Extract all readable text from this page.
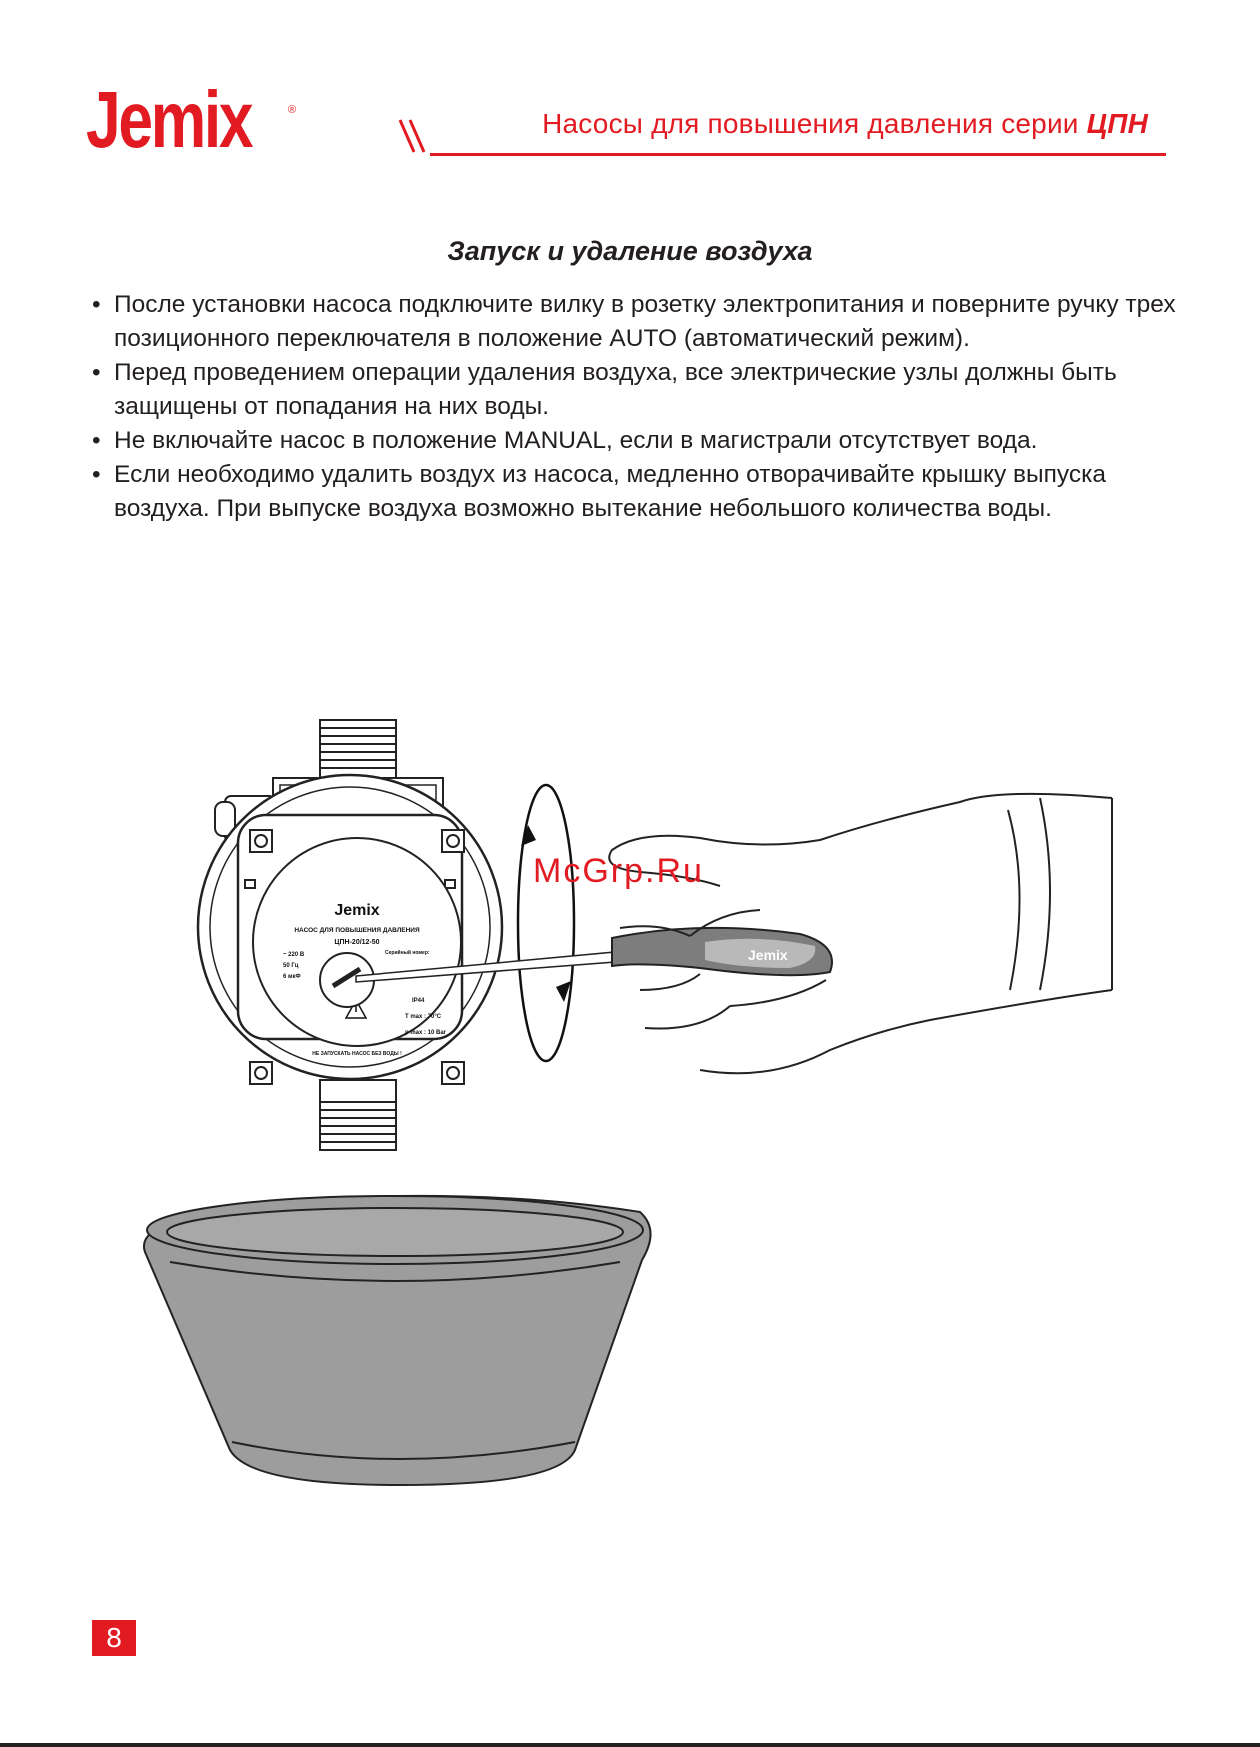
Jemix	®	Насосы для повышения давления серии ЦПН
Запуск и удаление воздуха
• После установки насоса подключите вилку в розетку электропитания и поверните ручку трех позиционного переключателя в положение AUTO (автоматический режим).
• Перед проведением операции удаления воздуха, все электрические узлы должны быть защищены от попадания на них воды.
• Не включайте насос в положение MANUAL, если в магистрали отсутствует вода.
• Если необходимо удалить воздух из насоса, медленно отворачивайте крышку выпуска воздуха. При выпуске воздуха возможно вытекание небольшого количества воды.
Jemix
НАСОС ДЛЯ ПОВЫШЕНИЯ ДАВЛЕНИЯ
ЦПН-20/12-50
~ 220 В
50 Гц
6 мкФ
Серийный номер:
IP44
T max : 70°C
p max : 10 Bar
НЕ ЗАПУСКАТЬ НАСОС БЕЗ ВОДЫ !
Jemix
McGrp.Ru
8
